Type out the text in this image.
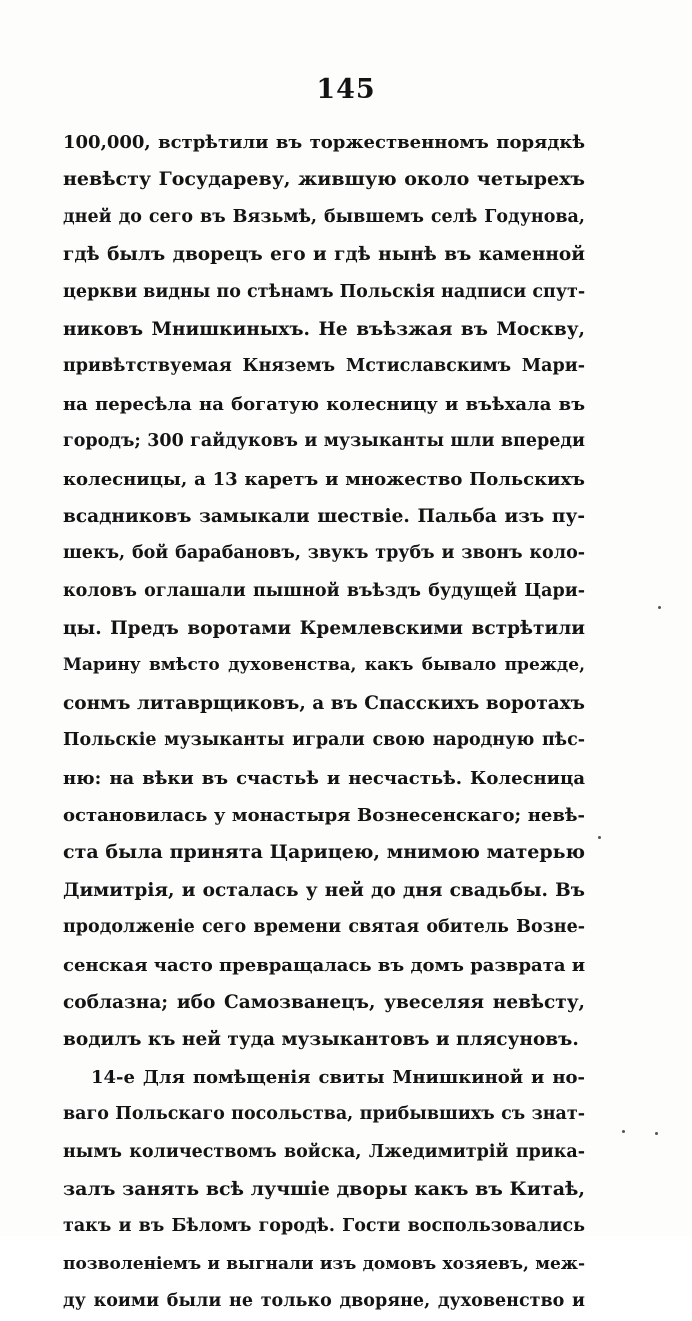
145
100,000, встрѣтили въ торжественномъ порядкѣ
невѣсту Государеву, жившую около четырехъ
дней до сего въ Вязьмѣ, бывшемъ селѣ Годунова,
гдѣ былъ дворецъ его и гдѣ нынѣ въ каменной
церкви видны по стѣнамъ Польскія надписи спут-
никовъ Мнишкиныхъ. Не въѣзжая въ Москву,
привѣтствуемая Княземъ Мстиславскимъ Мари-
на пересѣла на богатую колесницу и въѣхала въ
городъ; 300 гайдуковъ и музыканты шли впереди
колесницы, а 13 каретъ и множество Польскихъ
всадниковъ замыкали шествіе. Пальба изъ пу-
шекъ, бой барабановъ, звукъ трубъ и звонъ коло-
коловъ оглашали пышной въѣздъ будущей Цари-
цы. Предъ воротами Кремлевскими встрѣтили
Марину вмѣсто духовенства, какъ бывало прежде,
сонмъ литаврщиковъ, а въ Спасскихъ воротахъ
Польскіе музыканты играли свою народную пѣс-
ню: на вѣки въ счастьѣ и несчастьѣ. Колесница
остановилась у монастыря Вознесенскаго; невѣ-
ста была принята Царицею, мнимою матерью
Димитрія, и осталась у ней до дня свадьбы. Въ
продолженіе сего времени святая обитель Возне-
сенская часто превращалась въ домъ разврата и
соблазна; ибо Самозванецъ, увеселяя невѣсту,
водилъ къ ней туда музыкантовъ и плясуновъ.
14-е Для помѣщенія свиты Мнишкиной и но-
ваго Польскаго посольства, прибывшихъ съ знат-
нымъ количествомъ войска, Лжедимитрій прика-
залъ занять всѣ лучшіе дворы какъ въ Китаѣ,
такъ и въ Бѣломъ городѣ. Гости воспользовались
позволеніемъ и выгнали изъ домовъ хозяевъ, меж-
ду коими были не только дворяне, духовенство и
